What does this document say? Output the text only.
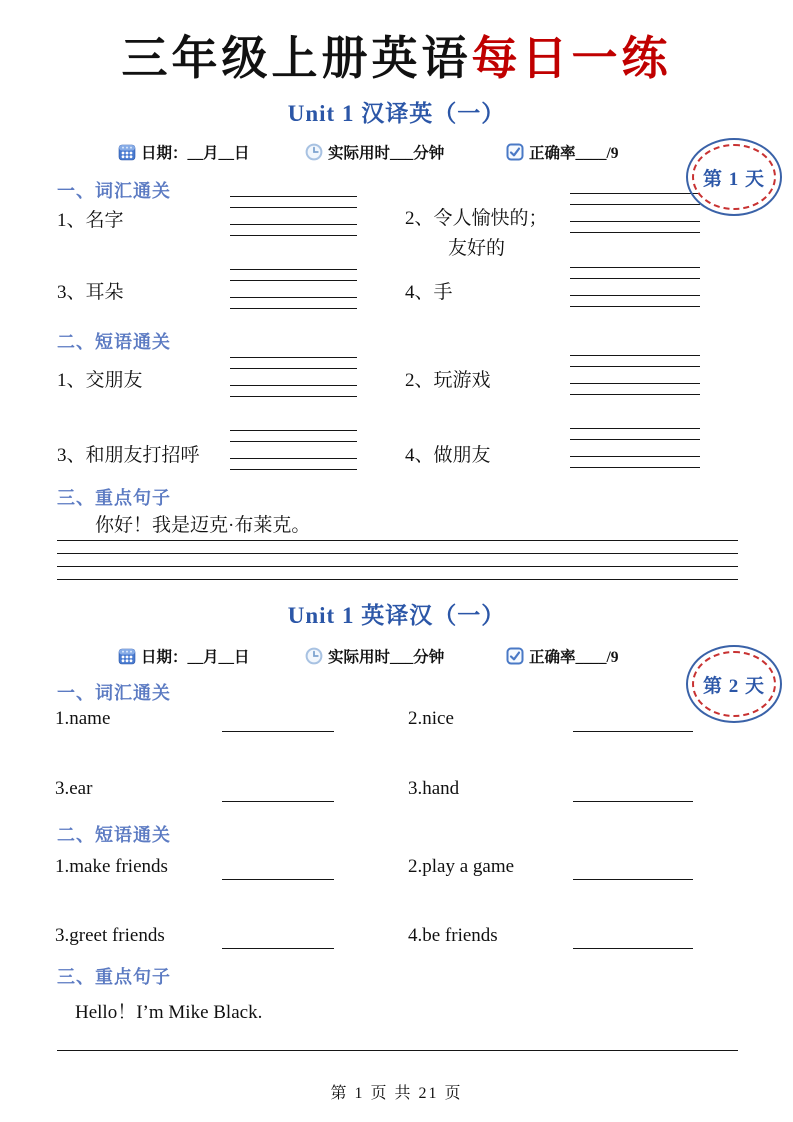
三年级上册英语每日一练
Unit 1 汉译英（一）
日期：__月__日	实际用时___分钟	正确率____/9
第 1 天
一、词汇通关
1、名字	2、令人愉快的；
友好的
3、耳朵	4、手
二、短语通关
1、交朋友	2、玩游戏
3、和朋友打招呼	4、做朋友
三、重点句子
你好！我是迈克·布莱克。
Unit 1 英译汉（一）
日期：__月__日	实际用时___分钟	正确率____/9
第 2 天
一、词汇通关
1.name	2.nice
3.ear	3.hand
二、短语通关
1.make friends	2.play a game
3.greet friends	4.be friends
三、重点句子
Hello！I’m Mike Black.
第 1 页 共 21 页
